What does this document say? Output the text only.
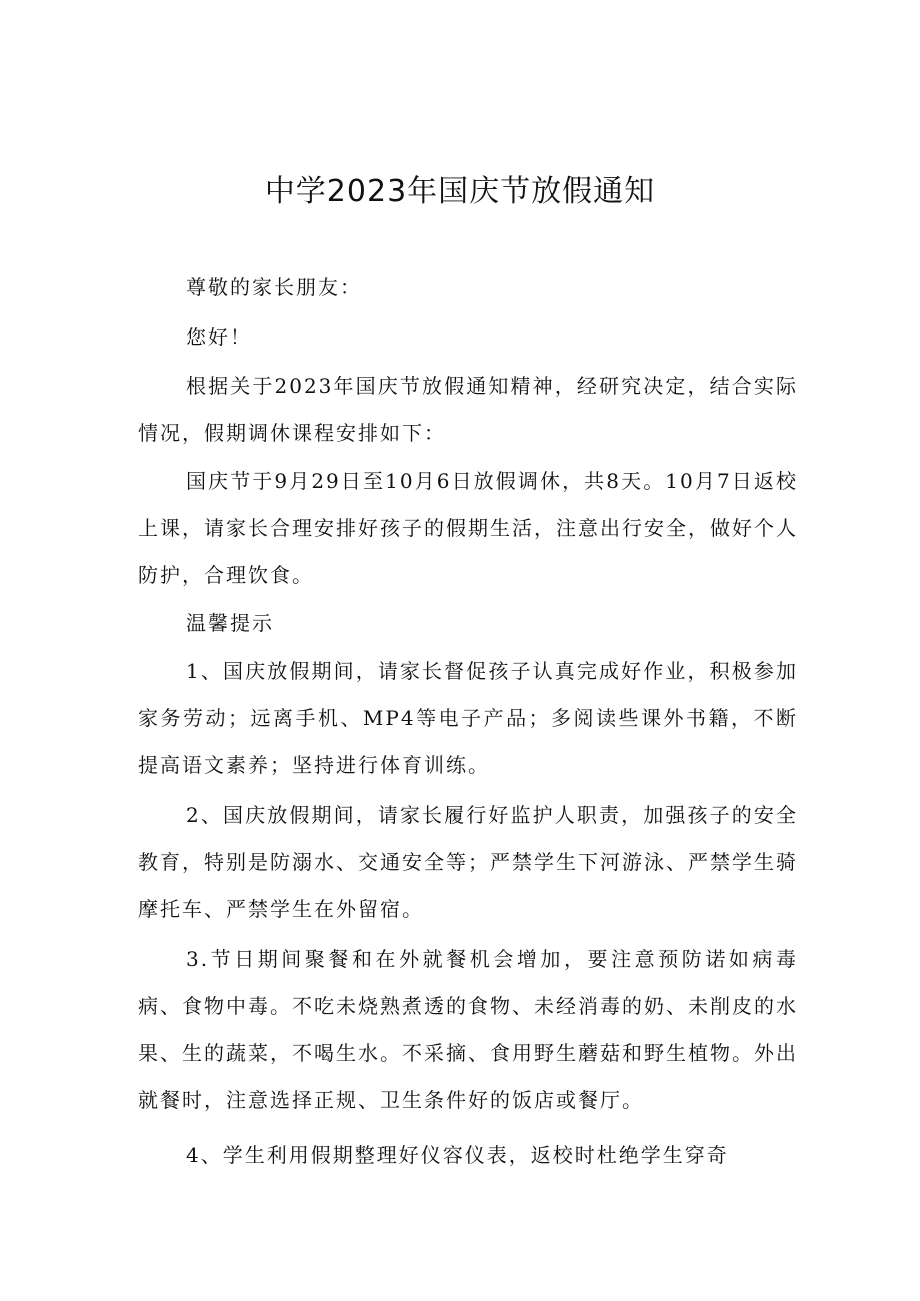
中学2023年国庆节放假通知

尊敬的家长朋友：

您好！

根据关于2023年国庆节放假通知精神，经研究决定，结合实际情况，假期调休课程安排如下：

国庆节于9月29日至10月6日放假调休，共8天。10月7日返校上课，请家长合理安排好孩子的假期生活，注意出行安全，做好个人防护，合理饮食。

温馨提示

1、国庆放假期间，请家长督促孩子认真完成好作业，积极参加家务劳动；远离手机、MP4等电子产品；多阅读些课外书籍，不断提高语文素养；坚持进行体育训练。

2、国庆放假期间，请家长履行好监护人职责，加强孩子的安全教育，特别是防溺水、交通安全等；严禁学生下河游泳、严禁学生骑摩托车、严禁学生在外留宿。

3.节日期间聚餐和在外就餐机会增加，要注意预防诺如病毒病、食物中毒。不吃未烧熟煮透的食物、未经消毒的奶、未削皮的水果、生的蔬菜，不喝生水。不采摘、食用野生蘑菇和野生植物。外出就餐时，注意选择正规、卫生条件好的饭店或餐厅。

4、学生利用假期整理好仪容仪表，返校时杜绝学生穿奇
